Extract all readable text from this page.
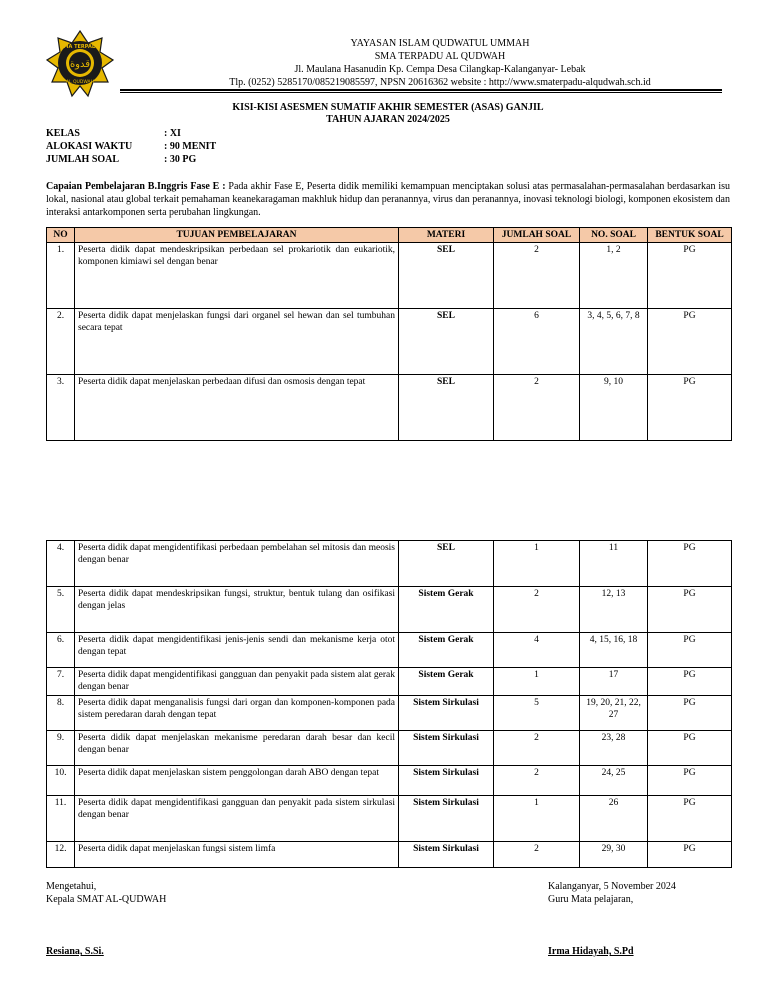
قدوة
SMA TERPADU
AL QUDWAH
YAYASAN ISLAM QUDWATUL UMMAH
SMA TERPADU AL QUDWAH
Jl. Maulana Hasanudin Kp. Cempa Desa Cilangkap-Kalanganyar- Lebak
Tlp. (0252) 5285170/085219085597, NPSN 20616362 website : http://www.smaterpadu-alqudwah.sch.id
KISI-KISI ASESMEN SUMATIF AKHIR SEMESTER (ASAS) GANJIL
TAHUN AJARAN 2024/2025
KELAS	: XI
ALOKASI WAKTU	: 90 MENIT
JUMLAH SOAL	: 30 PG
Capaian Pembelajaran B.Inggris Fase E : Pada akhir Fase E, Peserta didik memiliki kemampuan menciptakan solusi atas permasalahan-permasalahan berdasarkan isu lokal, nasional atau global terkait pemahaman keanekaragaman makhluk hidup dan peranannya, virus dan peranannya, inovasi teknologi biologi, komponen ekosistem dan interaksi antarkomponen serta perubahan lingkungan.
NO	TUJUAN PEMBELAJARAN	MATERI	JUMLAH SOAL	NO. SOAL	BENTUK SOAL
1.	Peserta didik dapat mendeskripsikan perbedaan sel prokariotik dan eukariotik, komponen kimiawi sel dengan benar	SEL	2	1, 2	PG
2.	Peserta didik dapat menjelaskan fungsi dari organel sel hewan dan sel tumbuhan secara tepat	SEL	6	3, 4, 5, 6, 7, 8	PG
3.	Peserta didik dapat menjelaskan perbedaan difusi dan osmosis dengan tepat	SEL	2	9, 10	PG
4.	Peserta didik dapat mengidentifikasi perbedaan pembelahan sel mitosis dan meosis dengan benar	SEL	1	11	PG
5.	Peserta didik dapat mendeskripsikan fungsi, struktur, bentuk tulang dan osifikasi dengan jelas	Sistem Gerak	2	12, 13	PG
6.	Peserta didik dapat mengidentifikasi jenis-jenis sendi dan mekanisme kerja otot dengan tepat	Sistem Gerak	4	4, 15, 16, 18	PG
7.	Peserta didik dapat mengidentifikasi gangguan dan penyakit pada sistem alat gerak dengan benar	Sistem Gerak	1	17	PG
8.	Peserta didik dapat menganalisis fungsi dari organ dan komponen-komponen pada sistem peredaran darah dengan tepat	Sistem Sirkulasi	5	19, 20, 21, 22, 27	PG
9.	Peserta didik dapat menjelaskan mekanisme peredaran darah besar dan kecil dengan benar	Sistem Sirkulasi	2	23, 28	PG
10.	Peserta didik dapat menjelaskan sistem penggolongan darah ABO dengan tepat	Sistem Sirkulasi	2	24, 25	PG
11.	Peserta didik dapat mengidentifikasi gangguan dan penyakit pada sistem sirkulasi dengan benar	Sistem Sirkulasi	1	26	PG
12.	Peserta didik dapat menjelaskan fungsi sistem limfa	Sistem Sirkulasi	2	29, 30	PG
Mengetahui,
Kepala SMAT AL-QUDWAH
Resiana, S.Si.
Kalanganyar, 5 November 2024
Guru Mata pelajaran,
Irma Hidayah, S.Pd
